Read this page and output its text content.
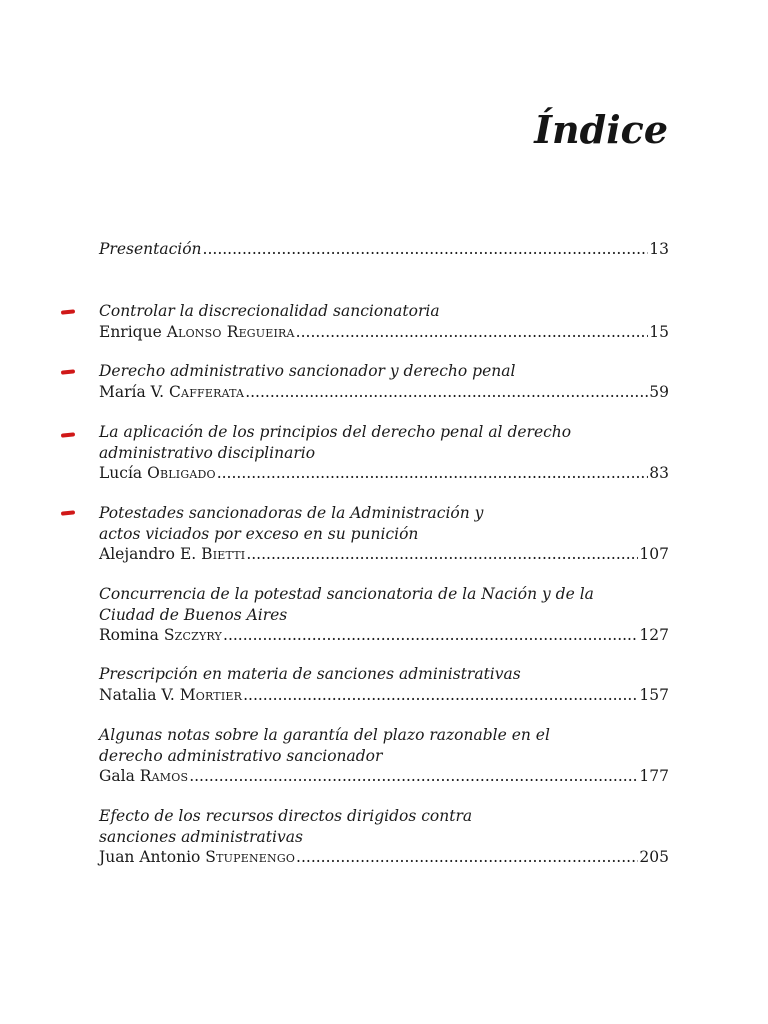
Índice
Presentación .....	13
Controlar la discrecionalidad sancionatoria
Enrique Alonso Regueira .....	15
Derecho administrativo sancionador y derecho penal
María V. Cafferata .....	59
La aplicación de los principios del derecho penal al derecho
administrativo disciplinario
Lucía Obligado .....	83
Potestades sancionadoras de la Administración y
actos viciados por exceso en su punición
Alejandro E. Bietti .....	107
Concurrencia de la potestad sancionatoria de la Nación y de la
Ciudad de Buenos Aires
Romina Szczyry .....	127
Prescripción en materia de sanciones administrativas
Natalia V. Mortier .....	157
Algunas notas sobre la garantía del plazo razonable en el
derecho administrativo sancionador
Gala Ramos .....	177
Efecto de los recursos directos dirigidos contra
sanciones administrativas
Juan Antonio Stupenengo .....	205
